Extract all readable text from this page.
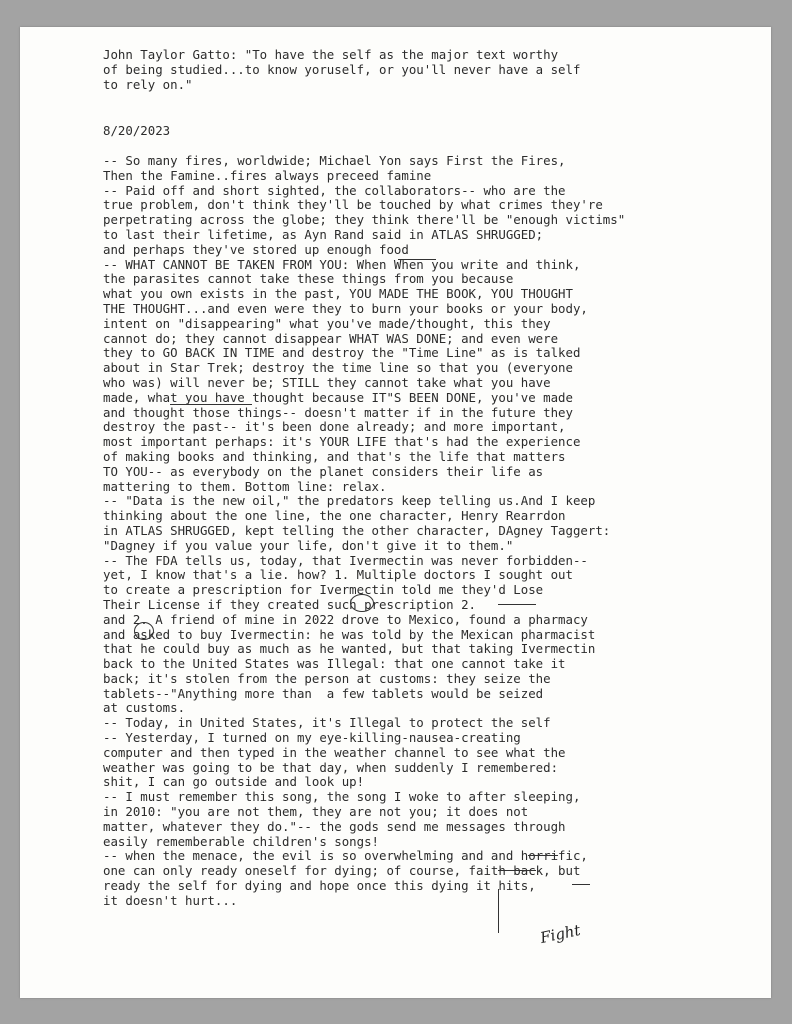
John Taylor Gatto: "To have the self as the major text worthy
of being studied...to know yoruself, or you'll never have a self
to rely on."
8/20/2023
-- So many fires, worldwide; Michael Yon says First the Fires,
Then the Famine..fires always preceed famine
-- Paid off and short sighted, the collaborators-- who are the
true problem, don't think they'll be touched by what crimes they're
perpetrating across the globe; they think there'll be "enough victims"
to last their lifetime, as Ayn Rand said in ATLAS SHRUGGED;
and perhaps they've stored up enough food
-- WHAT CANNOT BE TAKEN FROM YOU: When When you write and think,
the parasites cannot take these things from you because
what you own exists in the past, YOU MADE THE BOOK, YOU THOUGHT
THE THOUGHT...and even were they to burn your books or your body,
intent on "disappearing" what you've made/thought, this they
cannot do; they cannot disappear WHAT WAS DONE; and even were
they to GO BACK IN TIME and destroy the "Time Line" as is talked
about in Star Trek; destroy the time line so that you (everyone
who was) will never be; STILL they cannot take what you have
made, what you have thought because IT"S BEEN DONE, you've made
and thought those things-- doesn't matter if in the future they
destroy the past-- it's been done already; and more important,
most important perhaps: it's YOUR LIFE that's had the experience
of making books and thinking, and that's the life that matters
TO YOU-- as everybody on the planet considers their life as
mattering to them. Bottom line: relax.
-- "Data is the new oil," the predators keep telling us.And I keep
thinking about the one line, the one character, Henry Rearrdon
in ATLAS SHRUGGED, kept telling the other character, DAgney Taggert:
"Dagney if you value your life, don't give it to them."
-- The FDA tells us, today, that Ivermectin was never forbidden--
yet, I know that's a lie. how? 1. Multiple doctors I sought out
to create a prescription for Ivermectin told me they'd Lose
Their License if they created such prescription 2.
and 2. A friend of mine in 2022 drove to Mexico, found a pharmacy
and asked to buy Ivermectin: he was told by the Mexican pharmacist
that he could buy as much as he wanted, but that taking Ivermectin
back to the United States was Illegal: that one cannot take it
back; it's stolen from the person at customs: they seize the
tablets--"Anything more than  a few tablets would be seized
at customs.
-- Today, in United States, it's Illegal to protect the self
-- Yesterday, I turned on my eye-killing-nausea-creating
computer and then typed in the weather channel to see what the
weather was going to be that day, when suddenly I remembered:
shit, I can go outside and look up!
-- I must remember this song, the song I woke to after sleeping,
in 2010: "you are not them, they are not you; it does not
matter, whatever they do."-- the gods send me messages through
easily rememberable children's songs!
-- when the menace, the evil is so overwhelming and and horrific,
one can only ready oneself for dying; of course, faith back, but
ready the self for dying and hope once this dying it hits,
it doesn't hurt...
Fight
